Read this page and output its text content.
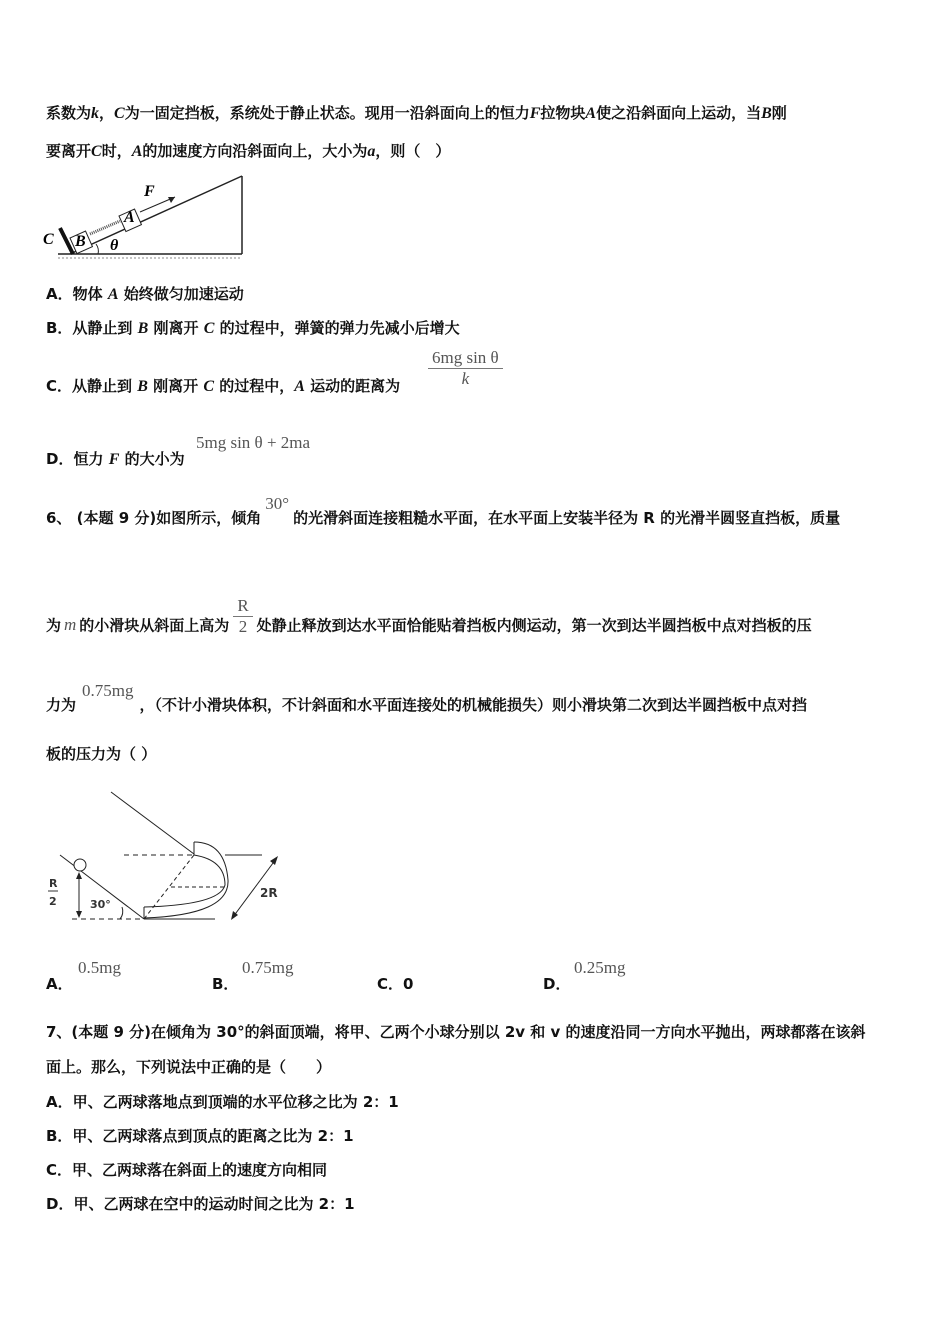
系数为k，C为一固定挡板，系统处于静止状态。现用一沿斜面向上的恒力F拉物块A使之沿斜面向上运动，当B刚
要离开C时，A的加速度方向沿斜面向上，大小为a，则（　）
F
A
B
C	θ
A．物体 A 始终做匀加速运动
B．从静止到 B 刚离开 C 的过程中，弹簧的弹力先减小后增大
C．从静止到 B 刚离开 C 的过程中，A 运动的距离为 $\frac{\text{6mg sin θ}}{k}$
D．恒力 F 的大小为
5mg sin θ + 2ma
6、 (本题 9 分)如图所示，倾角30°的光滑斜面连接粗糙水平面，在水平面上安装半径为 R 的光滑半圆竖直挡板，质量
为 m 的小滑块从斜面上高为 $\frac{R}{2}$ 处静止释放到达水平面恰能贴着挡板内侧运动，第一次到达半圆挡板中点对挡板的压
力为0.75mg，（不计小滑块体积，不计斜面和水平面连接处的机械能损失）则小滑块第二次到达半圆挡板中点对挡
板的压力为（ ）
R
2	30°
2R
A．
0.5mg
B．
0.75mg
C．0	D．
0.25mg
7、(本题 9 分)在倾角为 30°的斜面顶端，将甲、乙两个小球分别以 2v 和 v 的速度沿同一方向水平抛出，两球都落在该斜
面上。那么，下列说法中正确的是（　　）
A．甲、乙两球落地点到顶端的水平位移之比为 2：1
B．甲、乙两球落点到顶点的距离之比为 2：1
C．甲、乙两球落在斜面上的速度方向相同
D．甲、乙两球在空中的运动时间之比为 2：1
